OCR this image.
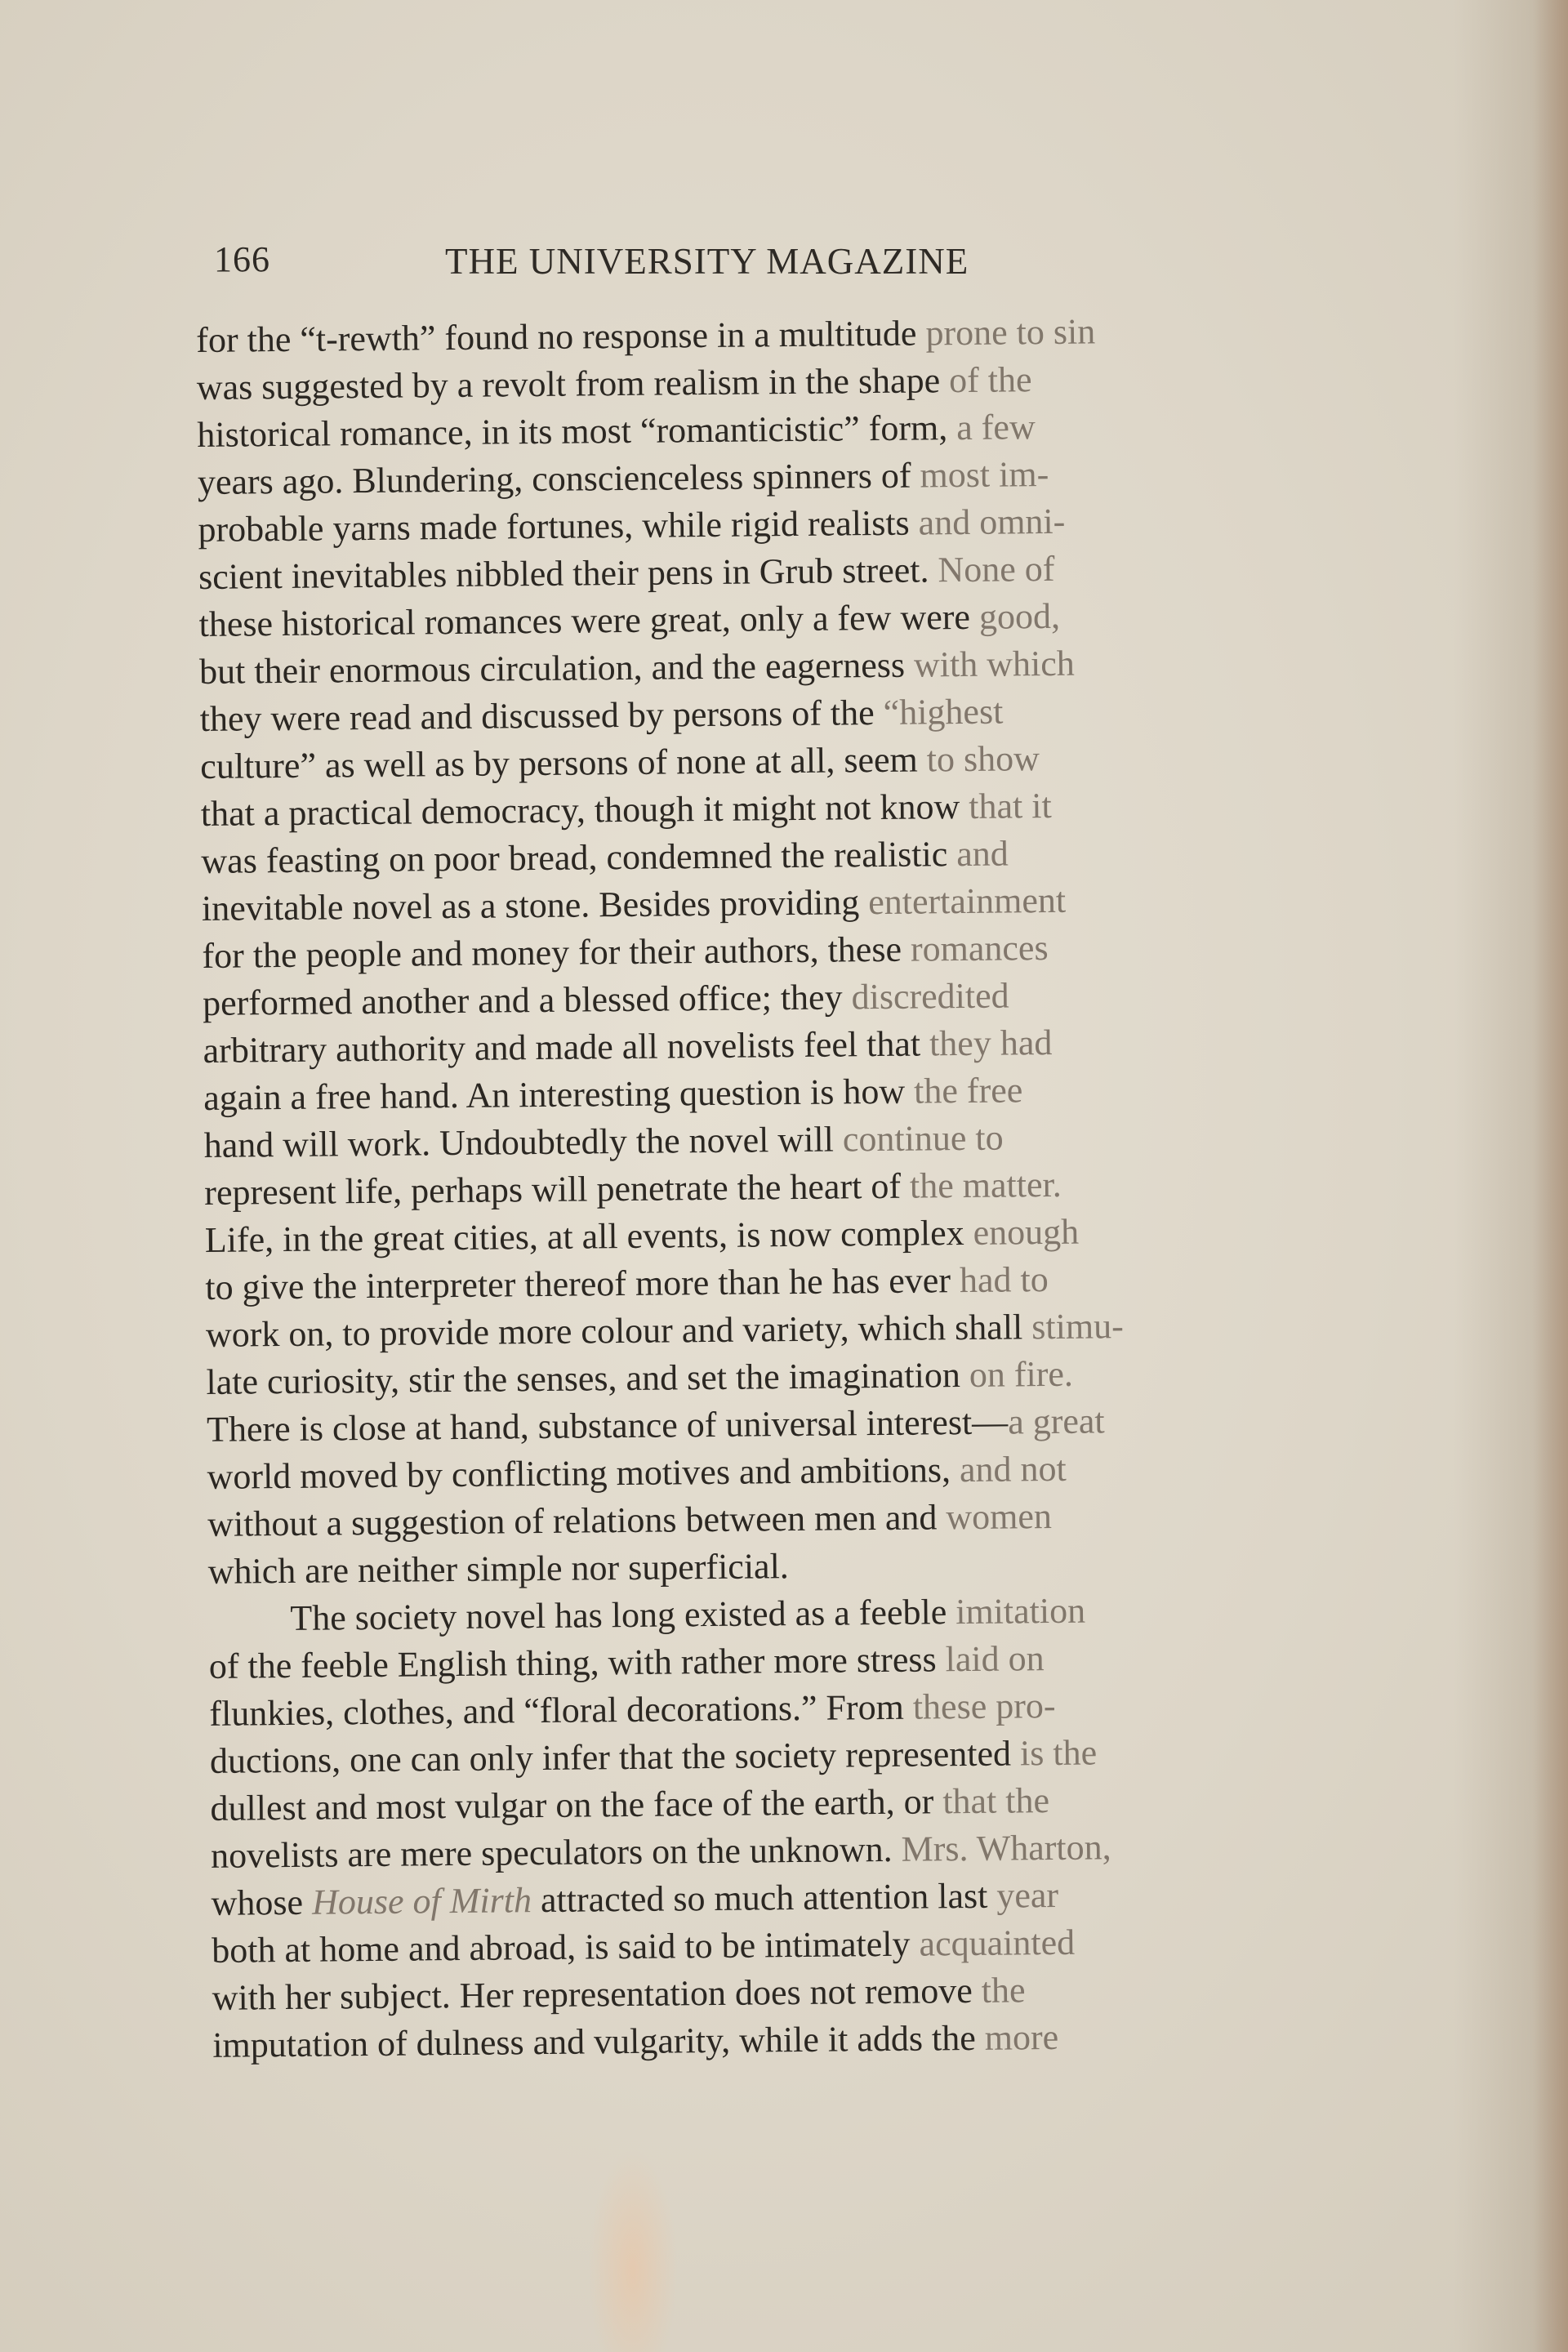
166	THE UNIVERSITY MAGAZINE
for the “t-rewth” found no response in a multitude prone to sin
was suggested by a revolt from realism in the shape of the
historical romance, in its most “romanticistic” form, a few
years ago. Blundering, conscienceless spinners of most im-
probable yarns made fortunes, while rigid realists and omni-
scient inevitables nibbled their pens in Grub street. None of
these historical romances were great, only a few were good,
but their enormous circulation, and the eagerness with which
they were read and discussed by persons of the “highest
culture” as well as by persons of none at all, seem to show
that a practical democracy, though it might not know that it
was feasting on poor bread, condemned the realistic and
inevitable novel as a stone. Besides providing entertainment
for the people and money for their authors, these romances
performed another and a blessed office; they discredited
arbitrary authority and made all novelists feel that they had
again a free hand. An interesting question is how the free
hand will work. Undoubtedly the novel will continue to
represent life, perhaps will penetrate the heart of the matter.
Life, in the great cities, at all events, is now complex enough
to give the interpreter thereof more than he has ever had to
work on, to provide more colour and variety, which shall stimu-
late curiosity, stir the senses, and set the imagination on fire.
There is close at hand, substance of universal interest—a great
world moved by conflicting motives and ambitions, and not
without a suggestion of relations between men and women
which are neither simple nor superficial.
The society novel has long existed as a feeble imitation
of the feeble English thing, with rather more stress laid on
flunkies, clothes, and “floral decorations.” From these pro-
ductions, one can only infer that the society represented is the
dullest and most vulgar on the face of the earth, or that the
novelists are mere speculators on the unknown. Mrs. Wharton,
whose House of Mirth attracted so much attention last year
both at home and abroad, is said to be intimately acquainted
with her subject. Her representation does not remove the
imputation of dulness and vulgarity, while it adds the more
